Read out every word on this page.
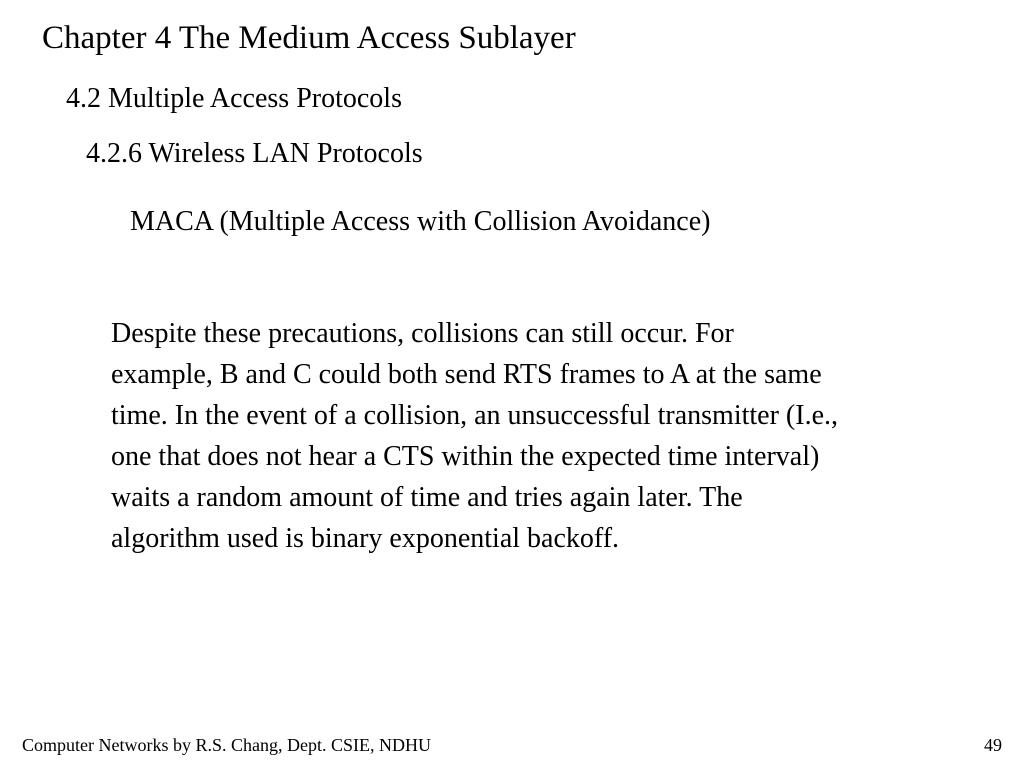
Chapter 4 The Medium Access Sublayer
4.2 Multiple Access Protocols
4.2.6 Wireless LAN Protocols
MACA (Multiple Access with Collision Avoidance)
Despite these precautions, collisions can still occur. For
example, B and C could both send RTS frames to A at the same
time. In the event of a collision, an unsuccessful transmitter (I.e.,
one that does not hear a CTS within the expected time interval)
waits a random amount of time and tries again later. The
algorithm used is binary exponential backoff.
Computer Networks by R.S. Chang, Dept. CSIE, NDHU	49
